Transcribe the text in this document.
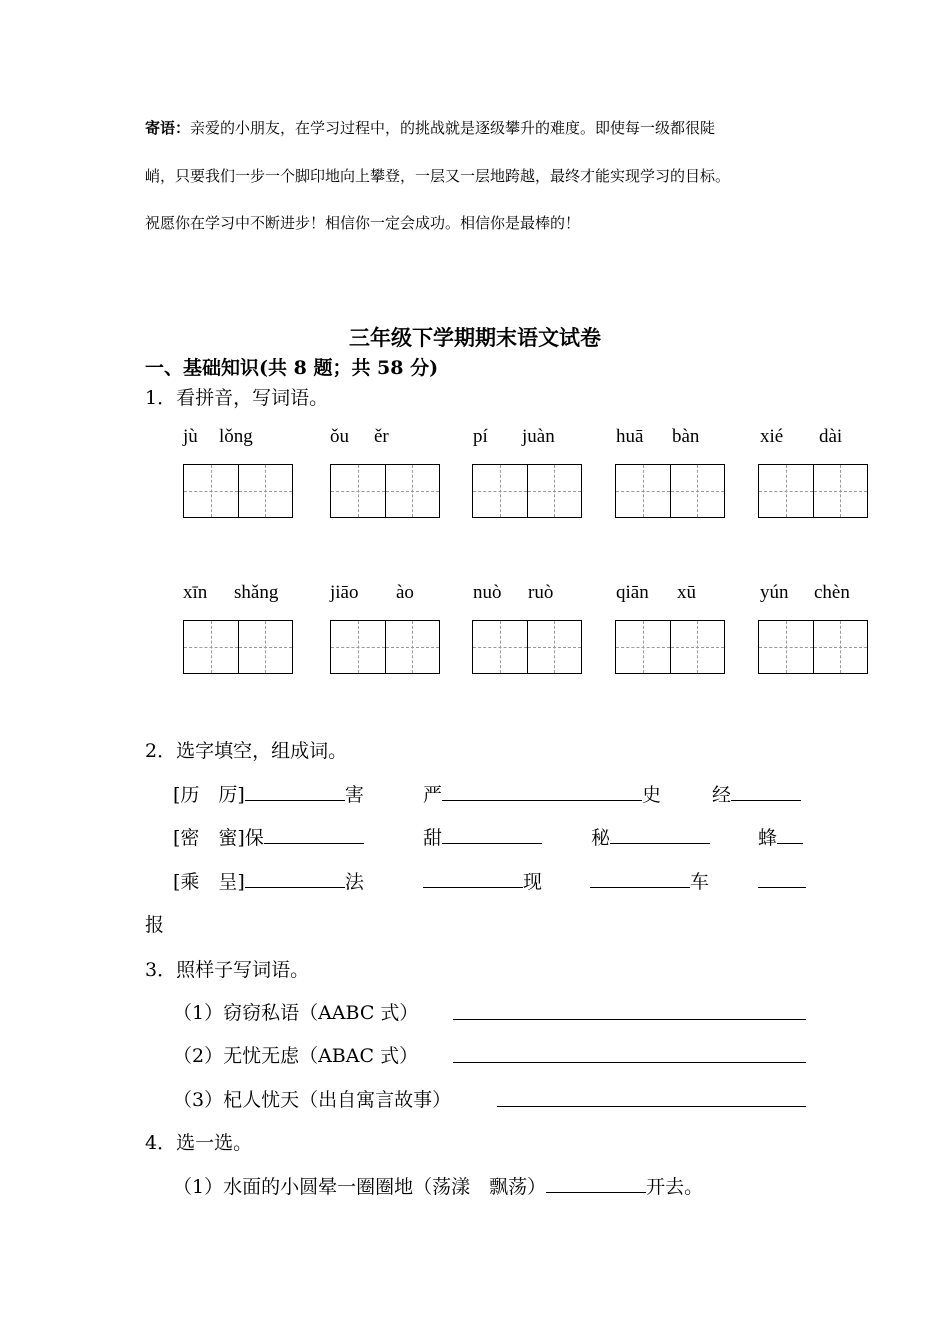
寄语：亲爱的小朋友，在学习过程中，的挑战就是逐级攀升的难度。即使每一级都很陡
峭，只要我们一步一个脚印地向上攀登，一层又一层地跨越，最终才能实现学习的目标。
祝愿你在学习中不断进步！相信你一定会成功。相信你是最棒的！
三年级下学期期末语文试卷
一、基础知识(共 8 题；共 58 分)
1．看拼音，写词语。
jù lǒng	ǒu ěr	pí juàn	huā bàn	xié dài
xīn shǎng	jiāo ào	nuò ruò	qiān xū	yún chèn
2．选字填空，组成词。
[历　厉]	害	严	史	经
[密　蜜]保	甜	秘	蜂
[乘　呈]	法	现	车
报
3．照样子写词语。
（1）窃窃私语（AABC 式）
（2）无忧无虑（ABAC 式）
（3）杞人忧天（出自寓言故事）
4．选一选。
（1）水面的小圆晕一圈圈地（荡漾　飘荡）	开去。
